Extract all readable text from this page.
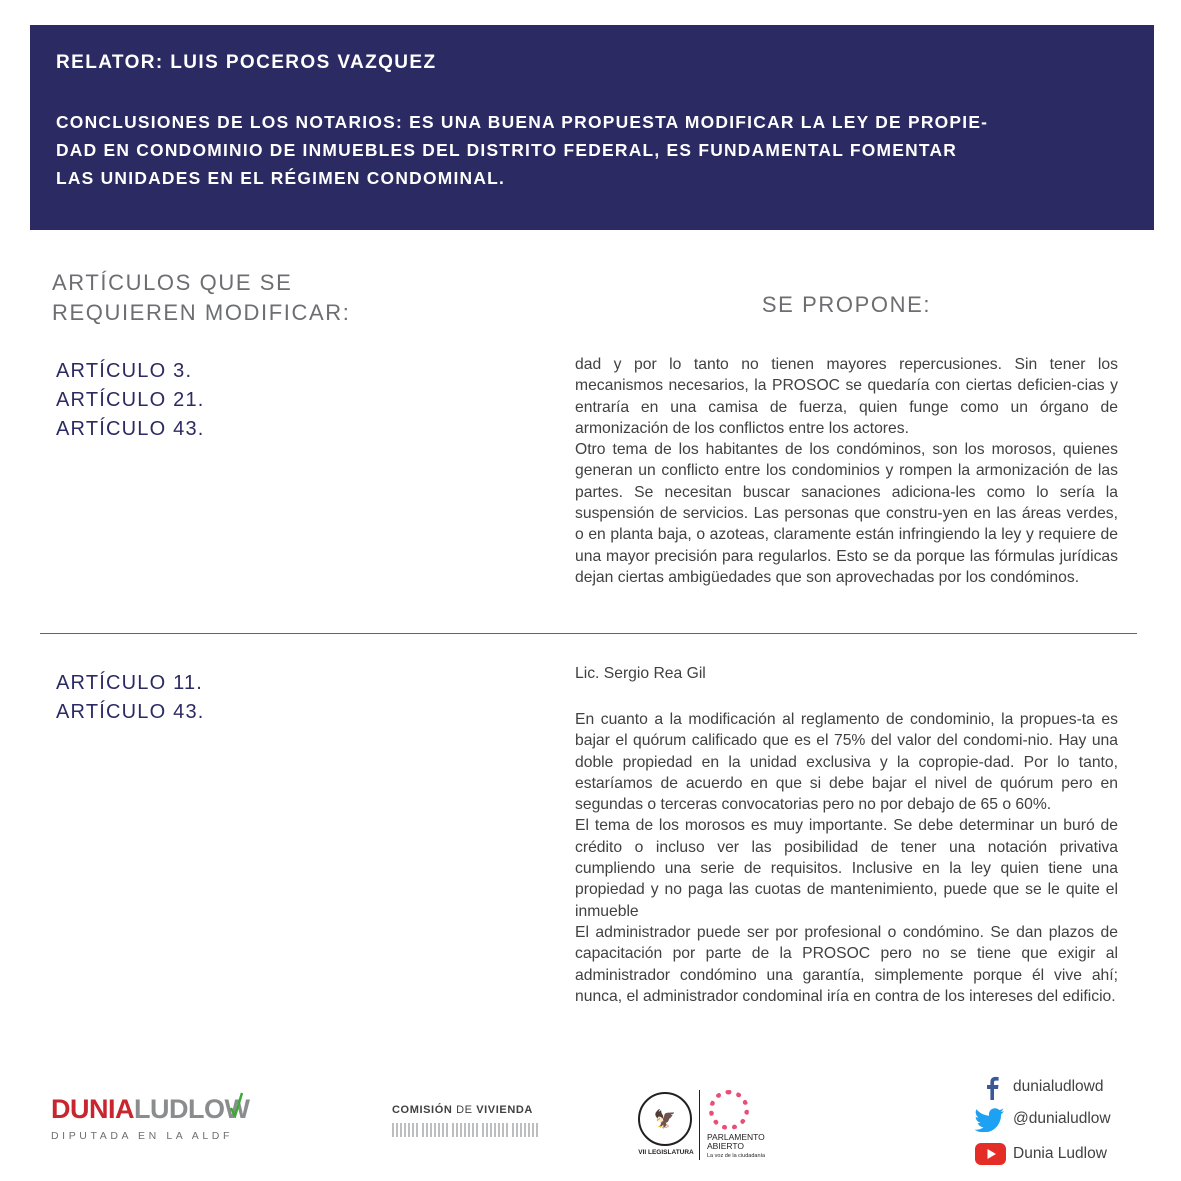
RELATOR: LUIS POCEROS VAZQUEZ
CONCLUSIONES DE LOS NOTARIOS: ES UNA BUENA PROPUESTA MODIFICAR LA LEY DE PROPIE-
DAD EN CONDOMINIO DE INMUEBLES DEL DISTRITO FEDERAL, ES FUNDAMENTAL FOMENTAR
LAS UNIDADES EN EL RÉGIMEN CONDOMINAL.
ARTÍCULOS QUE SE
REQUIEREN MODIFICAR:	SE PROPONE:
ARTÍCULO 3.
ARTÍCULO 21.
ARTÍCULO 43.

dad y por lo tanto no tienen mayores repercusiones. Sin tener los mecanismos necesarios, la PROSOC se quedaría con ciertas deficien-cias y entraría en una camisa de fuerza, quien funge como un órgano de armonización de los conflictos entre los actores.

Otro tema de los habitantes de los condóminos, son los morosos, quienes generan un conflicto entre los condominios y rompen la armonización de las partes. Se necesitan buscar sanaciones adiciona-les como lo sería la suspensión de servicios. Las personas que constru-yen en las áreas verdes, o en planta baja, o azoteas, claramente están infringiendo la ley y requiere de una mayor precisión para regularlos. Esto se da porque las fórmulas jurídicas dejan ciertas ambigüedades que son aprovechadas por los condóminos.

ARTÍCULO 11.
ARTÍCULO 43.
Lic. Sergio Rea Gil

En cuanto a la modificación al reglamento de condominio, la propues-ta es bajar el quórum calificado que es el 75% del valor del condomi-nio. Hay una doble propiedad en la unidad exclusiva y la copropie-dad. Por lo tanto, estaríamos de acuerdo en que si debe bajar el nivel de quórum pero en segundas o terceras convocatorias pero no por debajo de 65 o 60%.

El tema de los morosos es muy importante. Se debe determinar un buró de crédito o incluso ver las posibilidad de tener una notación privativa cumpliendo una serie de requisitos. Inclusive en la ley quien tiene una propiedad y no paga las cuotas de mantenimiento, puede que se le quite el inmueble

El administrador puede ser por profesional o condómino. Se dan plazos de capacitación por parte de la PROSOC pero no se tiene que exigir al administrador condómino una garantía, simplemente porque él vive ahí; nunca, el administrador condominal iría en contra de los intereses del edificio.

DUNIALUDLOW
DIPUTADA EN LA ALDF
COMISIÓN DE VIVIENDA	🦅
VII LEGISLATURA
PARLAMENTO
ABIERTO
La voz de la ciudadanía
dunialudlowd
@dunialudlow
Dunia Ludlow
